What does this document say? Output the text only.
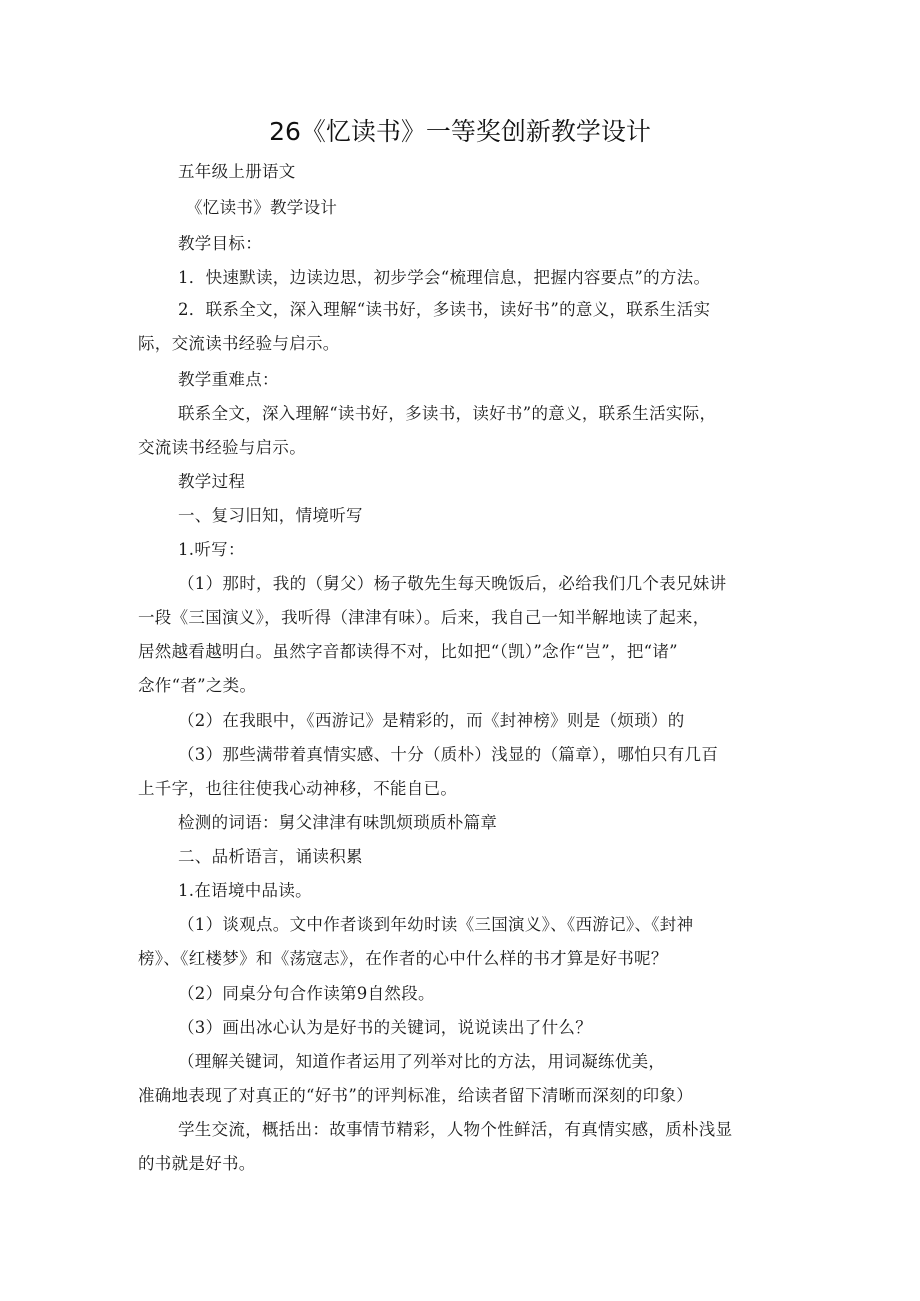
26《忆读书》一等奖创新教学设计
五年级上册语文
《忆读书》教学设计
教学目标：
1．快速默读，边读边思，初步学会“梳理信息，把握内容要点”的方法。
2．联系全文，深入理解“读书好，多读书，读好书”的意义，联系生活实
际，交流读书经验与启示。
教学重难点：
联系全文，深入理解“读书好，多读书，读好书”的意义，联系生活实际，
交流读书经验与启示。
教学过程
一、复习旧知，情境听写
1.听写：
（1）那时，我的（舅父）杨子敬先生每天晚饭后，必给我们几个表兄妹讲
一段《三国演义》，我听得（津津有味）。后来，我自己一知半解地读了起来，
居然越看越明白。虽然字音都读得不对，比如把“（凯）”念作“岂”，把“诸”
念作“者”之类。
（2）在我眼中，《西游记》是精彩的，而《封神榜》则是（烦琐）的
（3）那些满带着真情实感、十分（质朴）浅显的（篇章），哪怕只有几百
上千字，也往往使我心动神移，不能自已。
检测的词语：舅父津津有味凯烦琐质朴篇章
二、品析语言，诵读积累
1.在语境中品读。
（1）谈观点。文中作者谈到年幼时读《三国演义》、《西游记》、《封神
榜》、《红楼梦》和《荡寇志》，在作者的心中什么样的书才算是好书呢？
（2）同桌分句合作读第9自然段。
（3）画出冰心认为是好书的关键词，说说读出了什么？
（理解关键词，知道作者运用了列举对比的方法，用词凝练优美，
准确地表现了对真正的“好书”的评判标准，给读者留下清晰而深刻的印象）
学生交流，概括出：故事情节精彩，人物个性鲜活，有真情实感，质朴浅显
的书就是好书。
